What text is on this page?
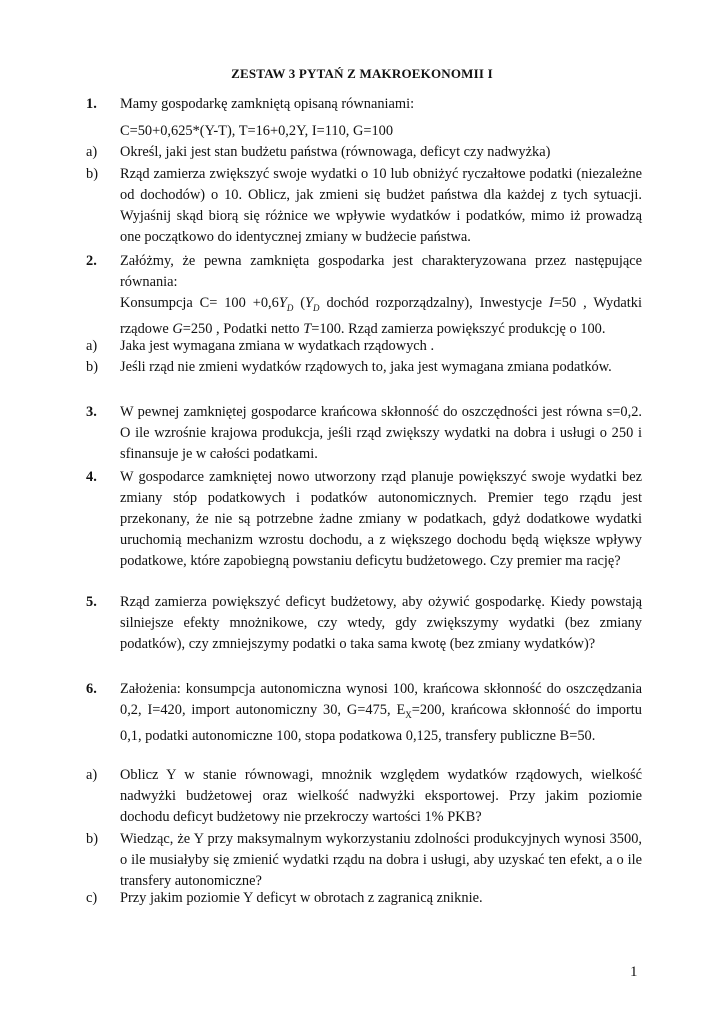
ZESTAW 3 PYTAŃ Z MAKROEKONOMII I
1.	Mamy gospodarkę zamkniętą opisaną równaniami:
C=50+0,625*(Y-T), T=16+0,2Y, I=110, G=100
a)	Określ, jaki jest stan budżetu państwa (równowaga, deficyt czy nadwyżka)
b)	Rząd zamierza zwiększyć swoje wydatki o 10 lub obniżyć ryczałtowe podatki (niezależne od dochodów) o 10. Oblicz, jak zmieni się budżet państwa dla każdej z tych sytuacji. Wyjaśnij skąd biorą się różnice we wpływie wydatków i podatków, mimo iż prowadzą one początkowo do identycznej zmiany w budżecie państwa.
2.	Załóżmy, że pewna zamknięta gospodarka jest charakteryzowana przez następujące równania:
Konsumpcja $C= 100 +0,6Y_D$ ($Y_D$ dochód rozporządzalny), Inwestycje I=50 , Wydatki rządowe G=250 , Podatki netto T=100. Rząd zamierza powiększyć produkcję o 100.
a)	Jaka jest wymagana zmiana w wydatkach rządowych .
b)	Jeśli rząd nie zmieni wydatków rządowych to, jaka jest wymagana zmiana podatków.
3.	W pewnej zamkniętej gospodarce krańcowa skłonność do oszczędności jest równa s=0,2. O ile wzrośnie krajowa produkcja, jeśli rząd zwiększy wydatki na dobra i usługi o 250 i sfinansuje je w całości podatkami.
4.	W gospodarce zamkniętej nowo utworzony rząd planuje powiększyć swoje wydatki bez zmiany stóp podatkowych i podatków autonomicznych. Premier tego rządu jest przekonany, że nie są potrzebne żadne zmiany w podatkach, gdyż dodatkowe wydatki uruchomią mechanizm wzrostu dochodu, a z większego dochodu będą większe wpływy podatkowe, które zapobiegną powstaniu deficytu budżetowego. Czy premier ma rację?
5.	Rząd zamierza powiększyć deficyt budżetowy, aby ożywić gospodarkę. Kiedy powstają silniejsze efekty mnożnikowe, czy wtedy, gdy zwiększymy wydatki (bez zmiany podatków), czy zmniejszymy podatki o taka sama kwotę (bez zmiany wydatków)?
6.	Założenia: konsumpcja autonomiczna wynosi 100, krańcowa skłonność do oszczędzania 0,2, I=420, import autonomiczny 30, G=475, $E_X=200$, krańcowa skłonność do importu 0,1, podatki autonomiczne 100, stopa podatkowa 0,125, transfery publiczne B=50.
a)	Oblicz Y w stanie równowagi, mnożnik względem wydatków rządowych, wielkość nadwyżki budżetowej oraz wielkość nadwyżki eksportowej. Przy jakim poziomie dochodu deficyt budżetowy nie przekroczy wartości 1% PKB?
b)	Wiedząc, że Y przy maksymalnym wykorzystaniu zdolności produkcyjnych wynosi 3500, o ile musiałyby się zmienić wydatki rządu na dobra i usługi, aby uzyskać ten efekt, a o ile transfery autonomiczne?
c)	Przy jakim poziomie Y deficyt w obrotach z zagranicą zniknie.
1
